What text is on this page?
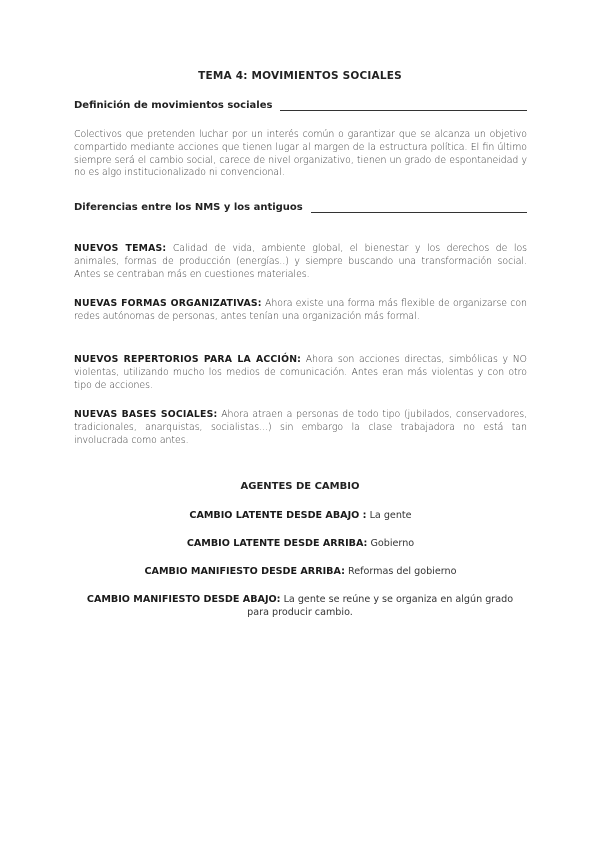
TEMA 4: MOVIMIENTOS SOCIALES
Definición de movimientos sociales
Colectivos que pretenden luchar por un interés común o garantizar que se alcanza un objetivo compartido mediante acciones que tienen lugar al margen de la estructura política. El fin último siempre será el cambio social, carece de nivel organizativo, tienen un grado de espontaneidad y no es algo institucionalizado ni convencional.
Diferencias entre los NMS y los antiguos
NUEVOS TEMAS: Calidad de vida, ambiente global, el bienestar y los derechos de los animales, formas de producción (energías..) y siempre buscando una transformación social. Antes se centraban más en cuestiones materiales.
NUEVAS FORMAS ORGANIZATIVAS: Ahora existe una forma más flexible de organizarse con redes autónomas de personas, antes tenían una organización más formal.
NUEVOS REPERTORIOS PARA LA ACCIÓN: Ahora son acciones directas, simbólicas y NO violentas, utilizando mucho los medios de comunicación. Antes eran más violentas y con otro tipo de acciones.
NUEVAS BASES SOCIALES: Ahora atraen a personas de todo tipo (jubilados, conservadores, tradicionales, anarquistas, socialistas...) sin embargo la clase trabajadora no está tan involucrada como antes.
AGENTES DE CAMBIO
CAMBIO LATENTE DESDE ABAJO : La gente
CAMBIO LATENTE DESDE ARRIBA: Gobierno
CAMBIO MANIFIESTO DESDE ARRIBA: Reformas del gobierno
CAMBIO MANIFIESTO DESDE ABAJO: La gente se reúne y se organiza en algún grado para producir cambio.
